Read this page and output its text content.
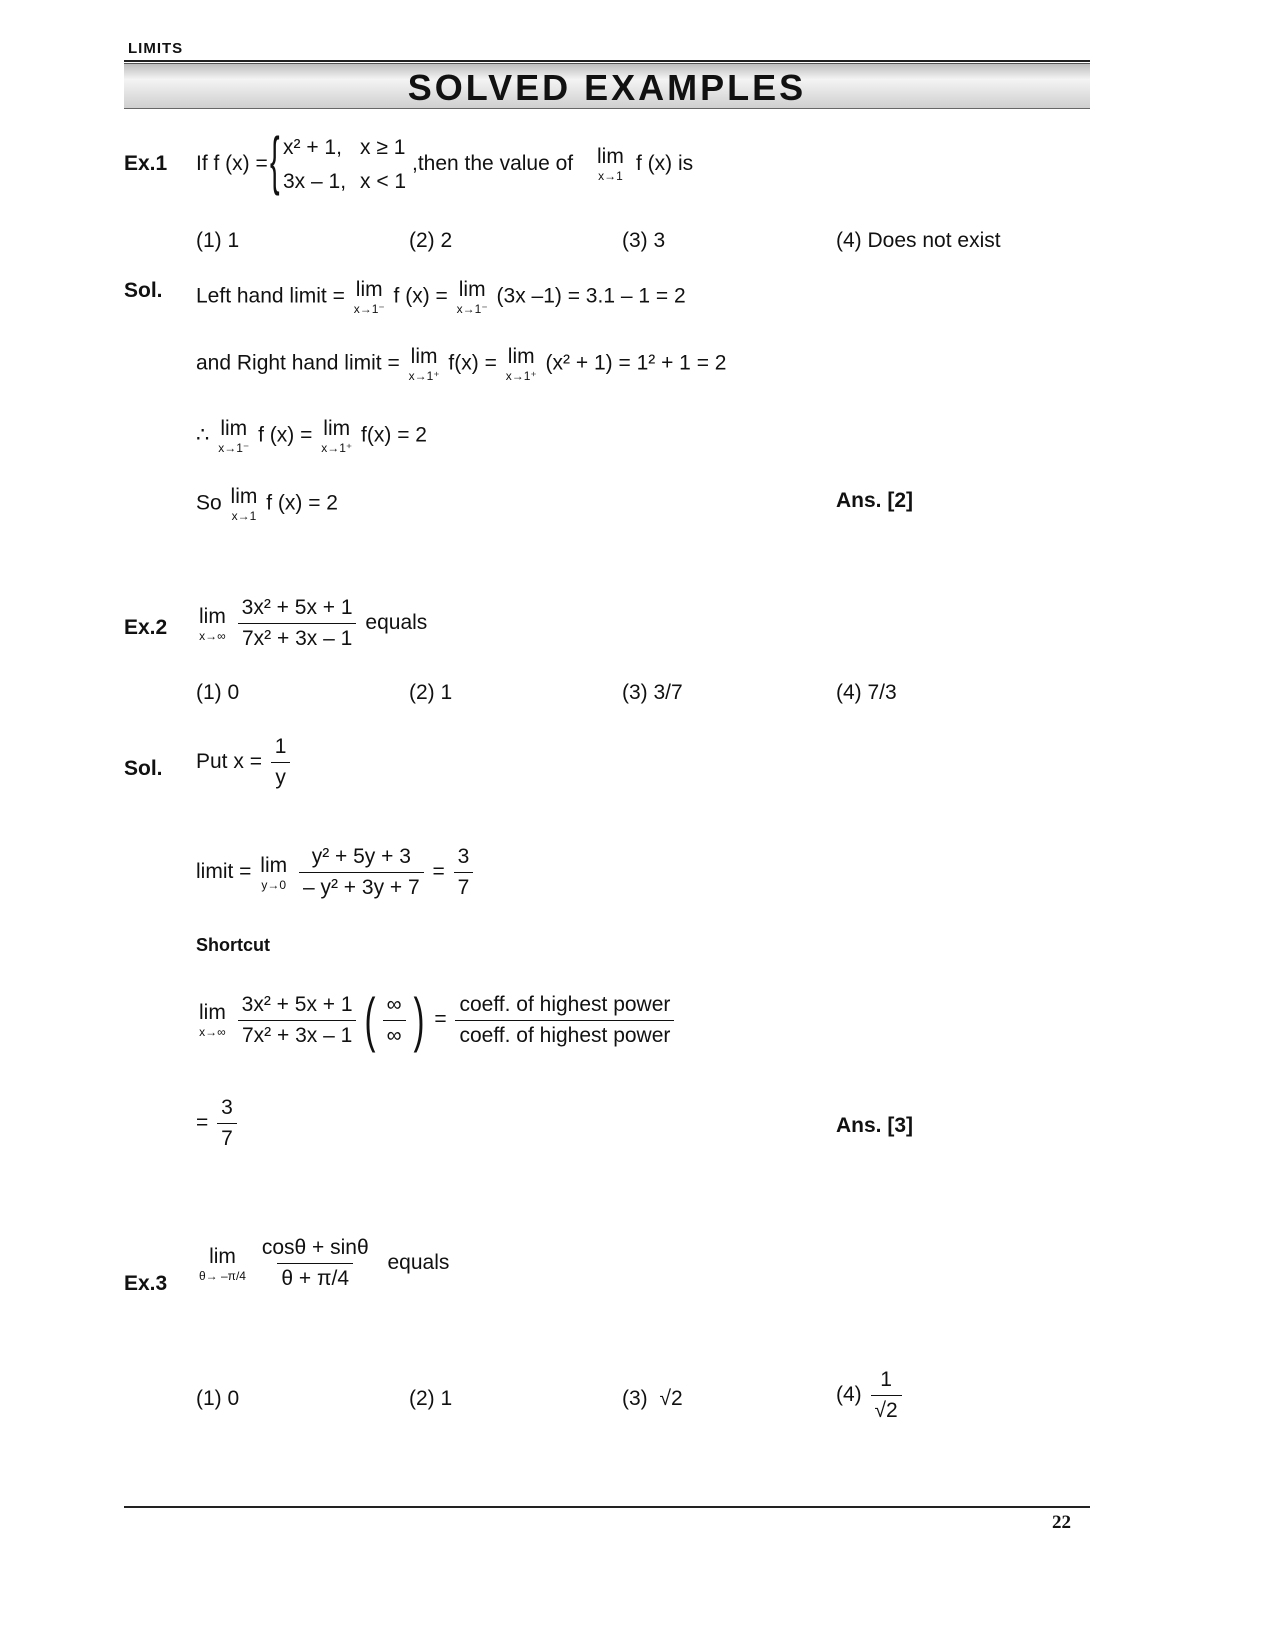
LIMITS
SOLVED EXAMPLES
Ex.1 If f (x) = { x² + 1, x ≥ 1
3x – 1, x < 1
,then the value of lim
x→1
f (x) is
(1) 1	(2) 2	(3) 3	(4) Does not exist
Sol. Left hand limit = lim
x→1⁻
f (x) = lim
x→1⁻
(3x –1) = 3.1 – 1 = 2
and Right hand limit = lim
x→1⁺
f(x) = lim
x→1⁺
(x² + 1) = 1² + 1 = 2
∴ lim
x→1⁻
f (x) = lim
x→1⁺
f(x) = 2
So lim
x→1
f (x) = 2	Ans. [2]
Ex.2 lim
x→∞
$\frac{\text{3x² + 5x + 1}}{\text{7x² + 3x – 1}}$ equals
(1) 0	(2) 1	(3) 3/7	(4) 7/3
Sol. Put $x = \frac{1}{y}$
limit = lim
y→0
$\frac{\text{y² + 5y + 3}}{\text{– y² + 3y + 7}} = \frac{3}{7}$
Shortcut
lim
x→∞
$\frac{\text{3x² + 5x + 1}}{\text{7x² + 3x – 1}}$ ( $\frac{\infty}{\infty}$ ) = $\frac{\text{coeff. of highest power}}{\text{coeff. of highest power}}$
= $\frac{3}{7}$	Ans. [3]
Ex.3
lim
θ→ –π/4
$\frac{\cos\theta + \sin\theta}{\theta + \pi/4}$ equals
(1) 0	(2) 1	(3) √2	$(4) \frac{1}{√2}$
22
